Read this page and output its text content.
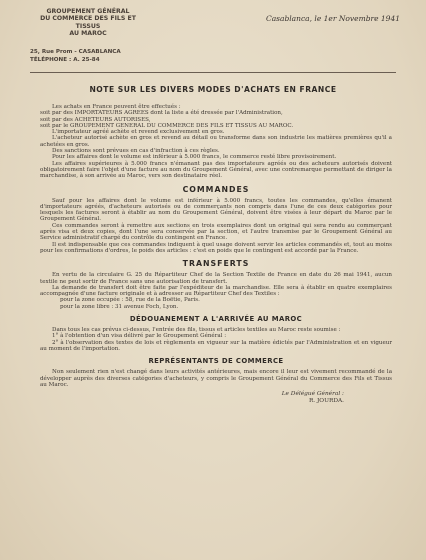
GROUPEMENT GÉNÉRAL
DU COMMERCE DES FILS ET TISSUS
AU MAROC
25, Rue Prom - CASABLANCA
TÉLÉPHONE : A. 25-84
Casablanca, le 1er Novembre 1941
NOTE SUR LES DIVERS MODES D'ACHATS EN FRANCE

Les achats en France peuvent être effectués :

soit par des IMPORTATEURS AGREES dont la liste a été dressée par l'Administration,

soit par des ACHETEURS AUTORISES,

soit par le GROUPEMENT GENERAL DU COMMERCE DES FILS ET TISSUS AU MAROC.

L'importateur agréé achète et revend exclusivement en gros.

L'acheteur autorisé achète en gros et revend au détail ou transforme dans son industrie les matières premières qu'il a achetées en gros.

Des sanctions sont prévues en cas d'infraction à ces règles.

Pour les affaires dont le volume est inférieur à 5.000 francs, le commerce resté libre provisoirement.

Les affaires supérieures à 5.000 francs n'émanant pas des importateurs agréés ou des acheteurs autorisés doivent obligatoirement faire l'objet d'une facture au nom du Groupement Général, avec une contremarque permettant de diriger la marchandise, à son arrivée au Maroc, vers son destinataire réel.

COMMANDES

Sauf pour les affaires dont le volume est inférieur à 5.000 francs, toutes les commandes, qu'elles émanent d'importateurs agréés, d'acheteurs autorisés ou de commerçants non compris dans l'une de ces deux catégories pour lesquels les factures seront à établir au nom du Groupement Général, doivent être visées à leur départ du Maroc par le Groupement Général.

Ces commandes seront à remettre aux sections en trois exemplaires dont un original qui sera rendu au commerçant après visa et deux copies, dont l'une sera conservée par la section, et l'autre transmise par le Groupement Général au Service administratif chargé du contrôle du contingent en France.

Il est indispensable que ces commandes indiquent à quel usage doivent servir les articles commandés et, tout au moins pour les confirmations d'ordres, le poids des articles : c'est en poids que le contingent est accordé par la France.

TRANSFERTS

En vertu de la circulaire G. 25 du Répartiteur Chef de la Section Textile de France en date du 26 mai 1941, aucun textile ne peut sortir de France sans une autorisation de transfert.

La demande de transfert doit être faite par l'expéditeur de la marchandise. Elle sera à établir en quatre exemplaires accompagnée d'une facture originale et à adresser au Répartiteur Chef des Textiles :

pour la zone occupée : 58, rue de la Boëtie, Paris.

pour la zone libre : 31 avenue Foch, Lyon.

DÉDOUANEMENT A L'ARRIVÉE AU MAROC

Dans tous les cas prévus ci-dessus, l'entrée des fils, tissus et articles textiles au Maroc reste soumise :

1° à l'obtention d'un visa délivré par le Groupement Général :

2° à l'observation des textes de lois et règlements en vigueur sur la matière édictés par l'Administration et en vigueur au moment de l'importation.

REPRÉSENTANTS DE COMMERCE

Non seulement rien n'est changé dans leurs activités antérieures, mais encore il leur est vivement recommandé de la développer auprès des diverses catégories d'acheteurs, y compris le Groupement Général du Commerce des Fils et Tissus au Maroc.

Le Délégué Général :
R. JOURDA.
